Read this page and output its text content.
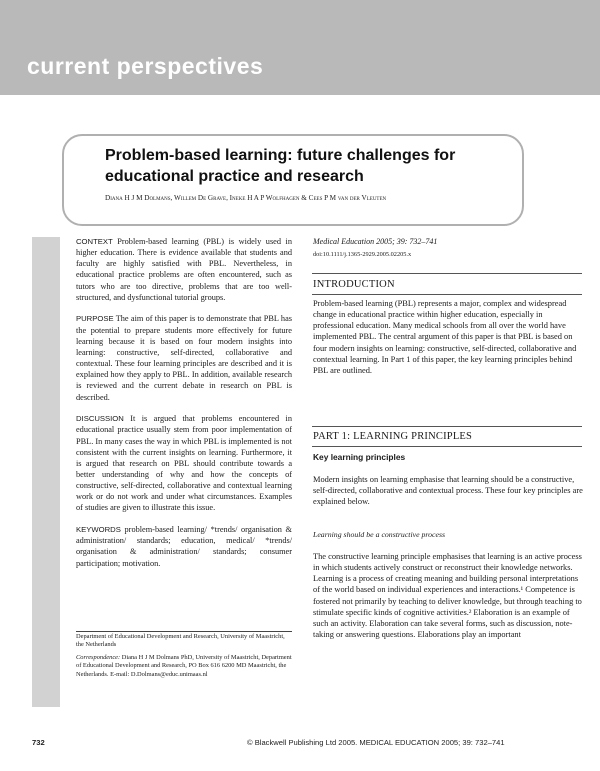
current perspectives
Problem-based learning: future challenges for educational practice and research
Diana H J M Dolmans, Willem De Grave, Ineke H A P Wolfhagen & Cees P M van der Vleuten

CONTEXT Problem-based learning (PBL) is widely used in higher education. There is evidence available that students and faculty are highly satisfied with PBL. Nevertheless, in educational practice problems are often encountered, such as tutors who are too directive, problems that are too well-structured, and dysfunctional tutorial groups.

PURPOSE The aim of this paper is to demonstrate that PBL has the potential to prepare students more effectively for future learning because it is based on four modern insights into learning: constructive, self-directed, collaborative and contextual. These four learning principles are described and it is explained how they apply to PBL. In addition, available research is reviewed and the current debate in research on PBL is described.

DISCUSSION It is argued that problems encountered in educational practice usually stem from poor implementation of PBL. In many cases the way in which PBL is implemented is not consistent with the current insights on learning. Furthermore, it is argued that research on PBL should contribute towards a better understanding of why and how the concepts of constructive, self-directed, collaborative and contextual learning work or do not work and under what circumstances. Examples of studies are given to illustrate this issue.

KEYWORDS problem-based learning/ *trends/ organisation & administration/ standards; education, medical/ *trends/ organisation & administration/ standards; consumer participation; motivation.

Department of Educational Development and Research, University of Maastricht, the Netherlands

Correspondence: Diana H J M Dolmans PhD, University of Maastricht, Department of Educational Development and Research, PO Box 616 6200 MD Maastricht, the Netherlands. E-mail: D.Dolmans@educ.unimaas.nl

Medical Education 2005; 39: 732–741
doi:10.1111/j.1365-2929.2005.02205.x
INTRODUCTION

Problem-based learning (PBL) represents a major, complex and widespread change in educational practice within higher education, especially in professional education. Many medical schools from all over the world have implemented PBL. The central argument of this paper is that PBL is based on four modern insights on learning: constructive, self-directed, collaborative and contextual learning. In Part 1 of this paper, the key learning principles behind PBL are outlined.

PART 1: LEARNING PRINCIPLES
Key learning principles

Modern insights on learning emphasise that learning should be a constructive, self-directed, collaborative and contextual process. These four key principles are explained below.

Learning should be a constructive process

The constructive learning principle emphasises that learning is an active process in which students actively construct or reconstruct their knowledge networks.

Learning is a process of creating meaning and building personal interpretations of the world based on individual experiences and interactions.¹ Competence is fostered not primarily by teaching to deliver knowledge, but through teaching to stimulate specific kinds of cognitive activities.² Elaboration is an example of such an activity. Elaboration can take several forms, such as discussion, note-taking or answering questions. Elaborations play an important

732	© Blackwell Publishing Ltd 2005. MEDICAL EDUCATION 2005; 39: 732–741
